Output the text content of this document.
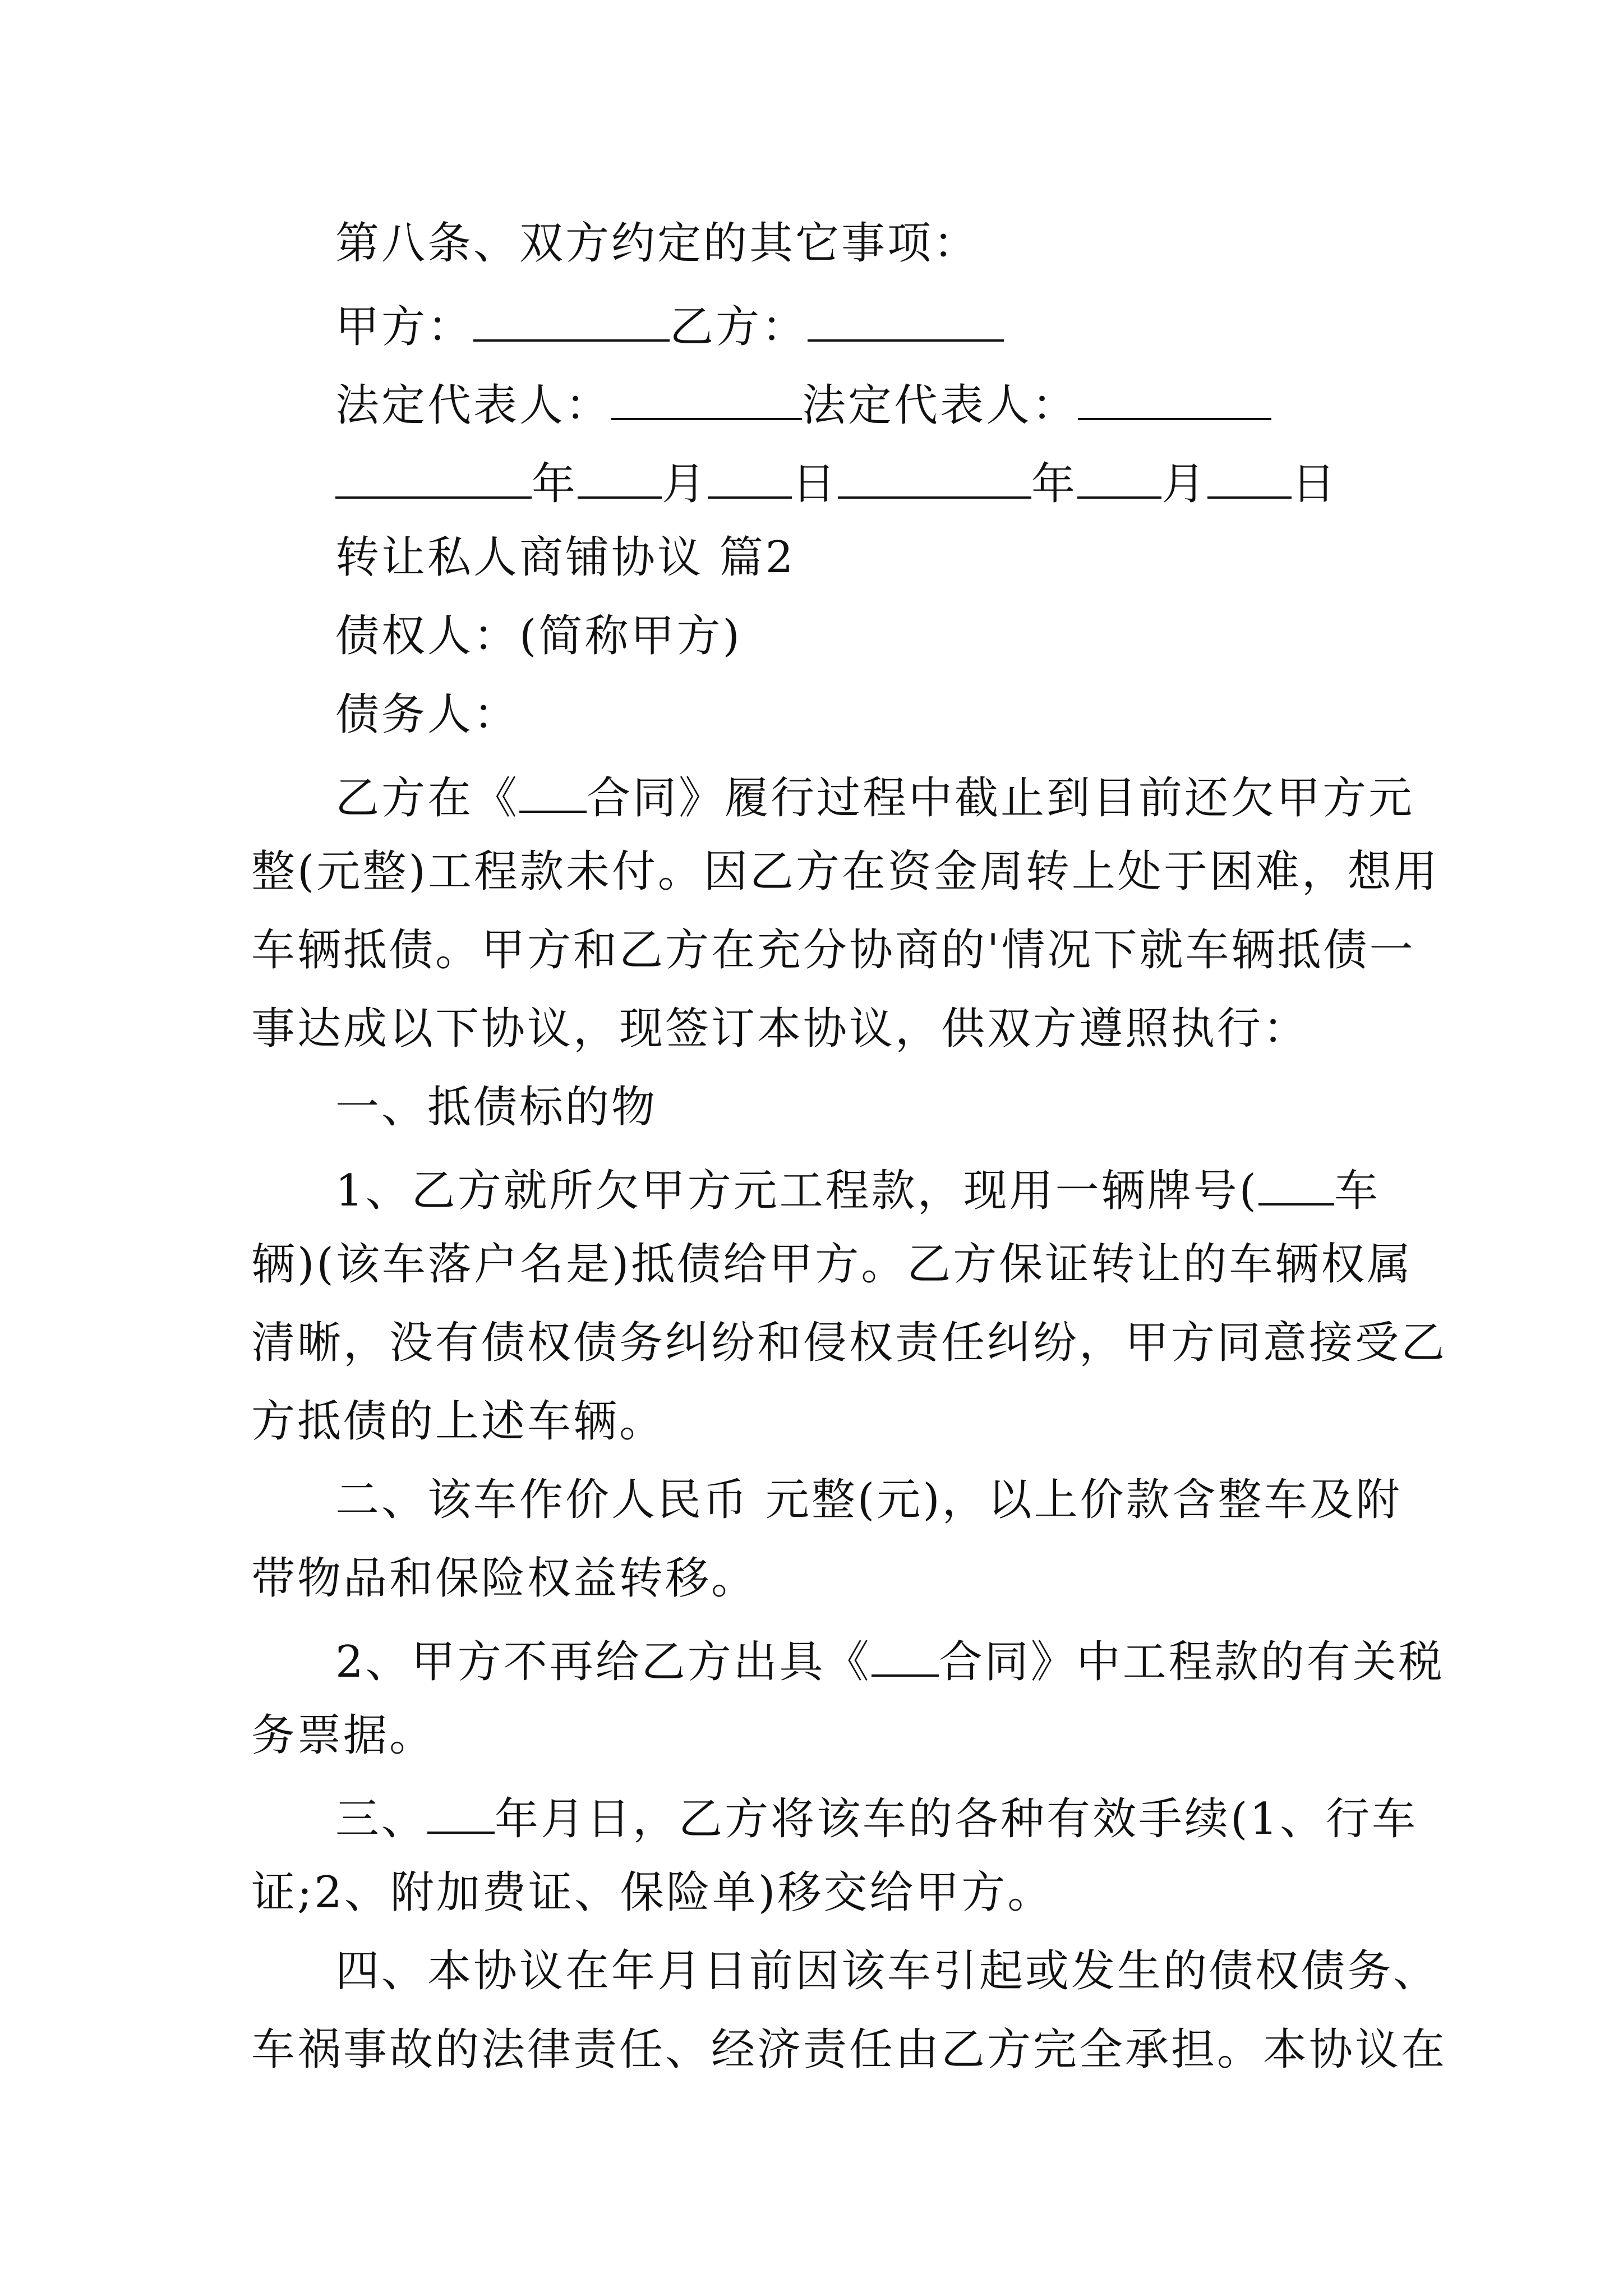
第八条、双方约定的其它事项：
甲方：	乙方：
法定代表人：	法定代表人：
年 月 日	年 月 日
转让私人商铺协议 篇2
债权人：(简称甲方)
债务人：
乙方在《 合同》履行过程中截止到目前还欠甲方元
整(元整)工程款未付。因乙方在资金周转上处于困难，想用
车辆抵债。甲方和乙方在充分协商的'情况下就车辆抵债一
事达成以下协议，现签订本协议，供双方遵照执行：
一、抵债标的物
1、乙方就所欠甲方元工程款，现用一辆牌号( 车
辆)(该车落户名是)抵债给甲方。乙方保证转让的车辆权属
清晰，没有债权债务纠纷和侵权责任纠纷，甲方同意接受乙
方抵债的上述车辆。
二、该车作价人民币 元整(元)，以上价款含整车及附
带物品和保险权益转移。
2、甲方不再给乙方出具《 合同》中工程款的有关税
务票据。
三、 年月日，乙方将该车的各种有效手续(1、行车
证;2、附加费证、保险单)移交给甲方。
四、本协议在年月日前因该车引起或发生的债权债务、
车祸事故的法律责任、经济责任由乙方完全承担。本协议在
